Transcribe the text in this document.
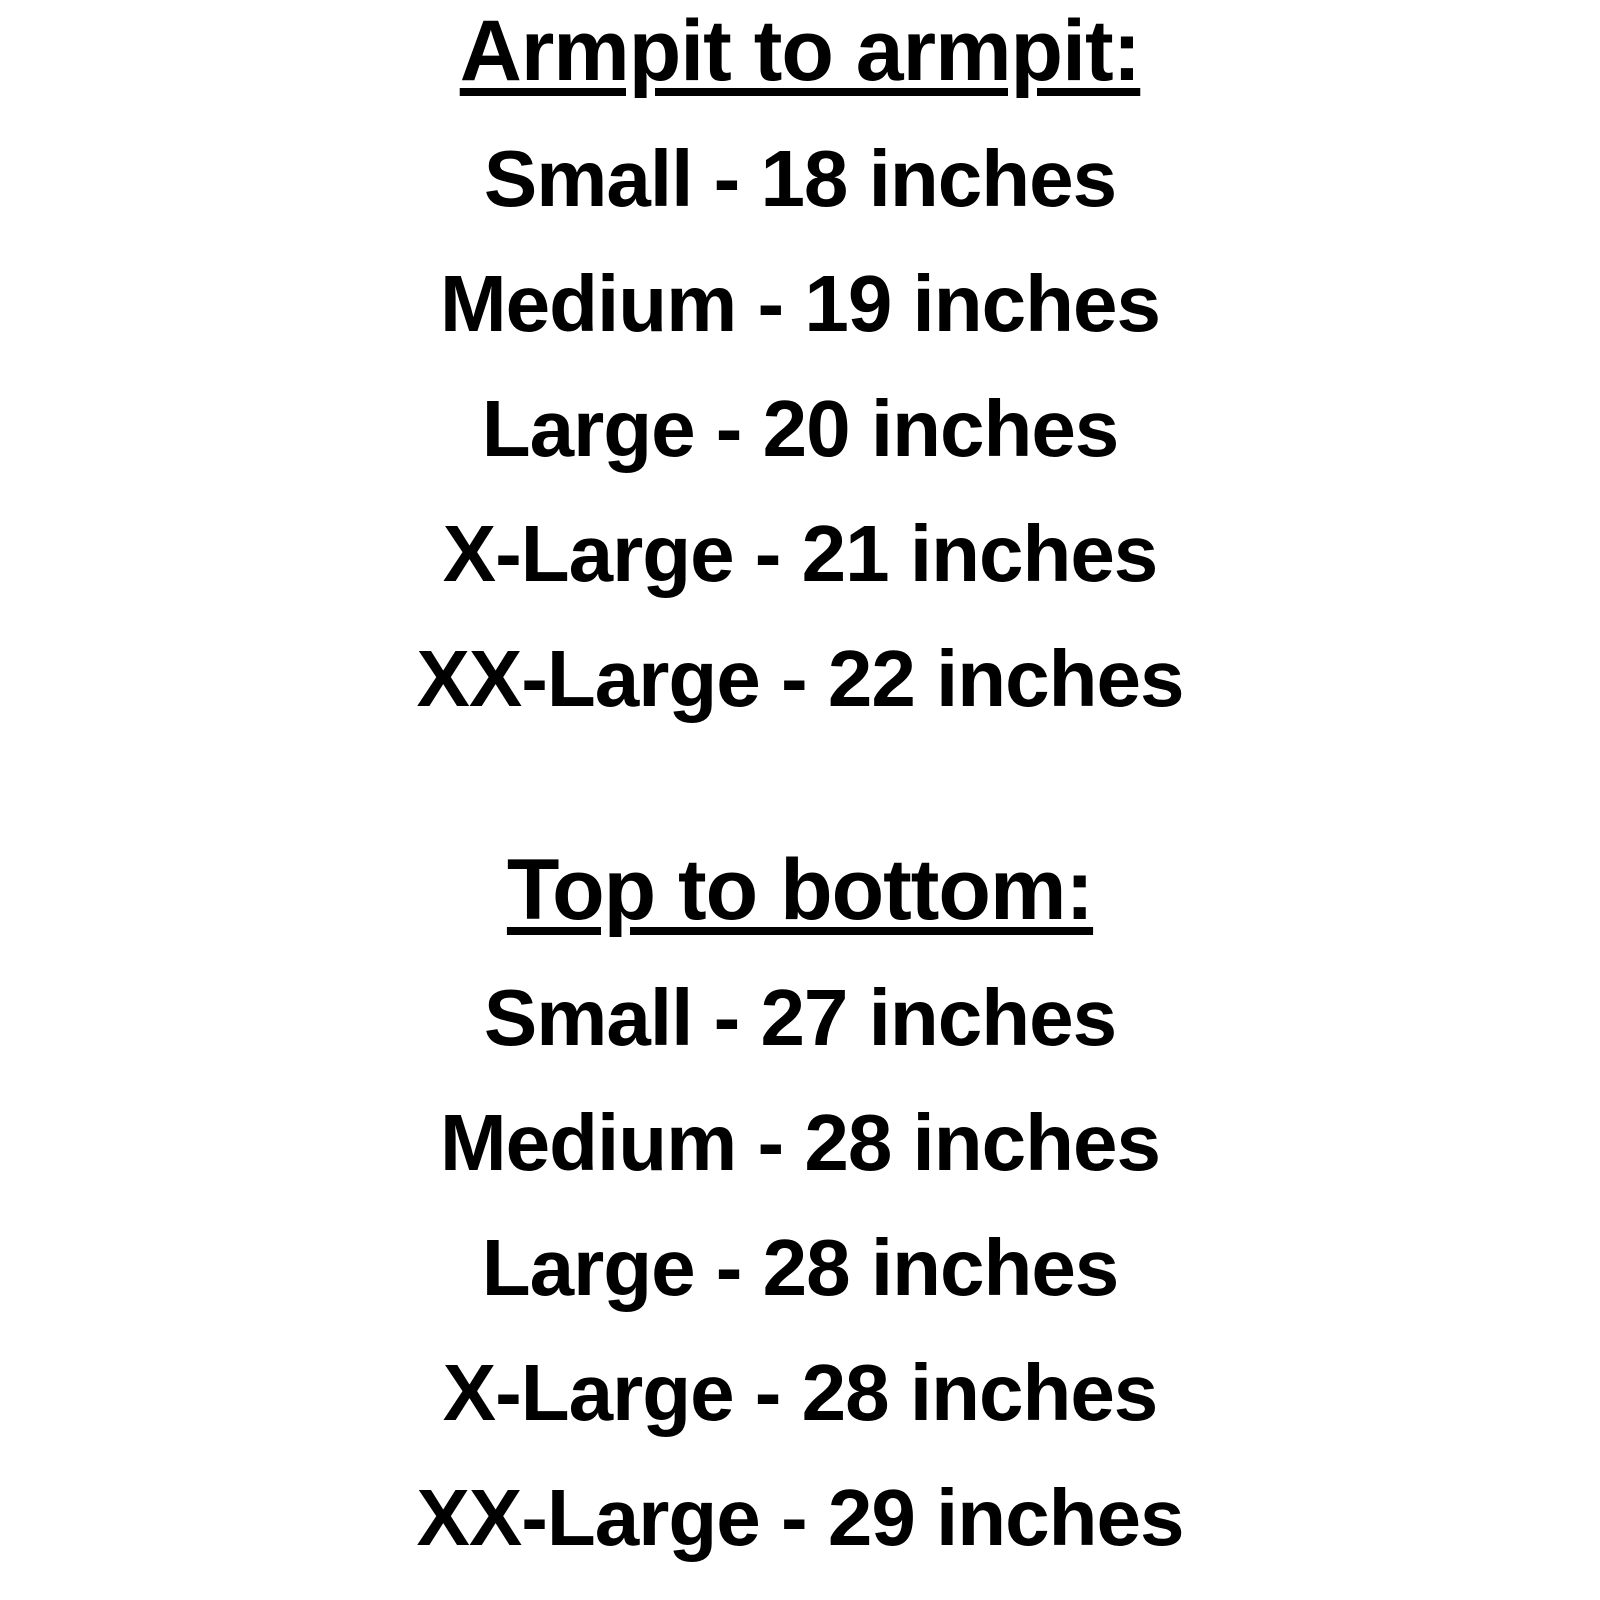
Armpit to armpit:
Small - 18 inches
Medium - 19 inches
Large - 20 inches
X-Large - 21 inches
XX-Large - 22 inches
Top to bottom:
Small - 27 inches
Medium - 28 inches
Large - 28 inches
X-Large - 28 inches
XX-Large - 29 inches
